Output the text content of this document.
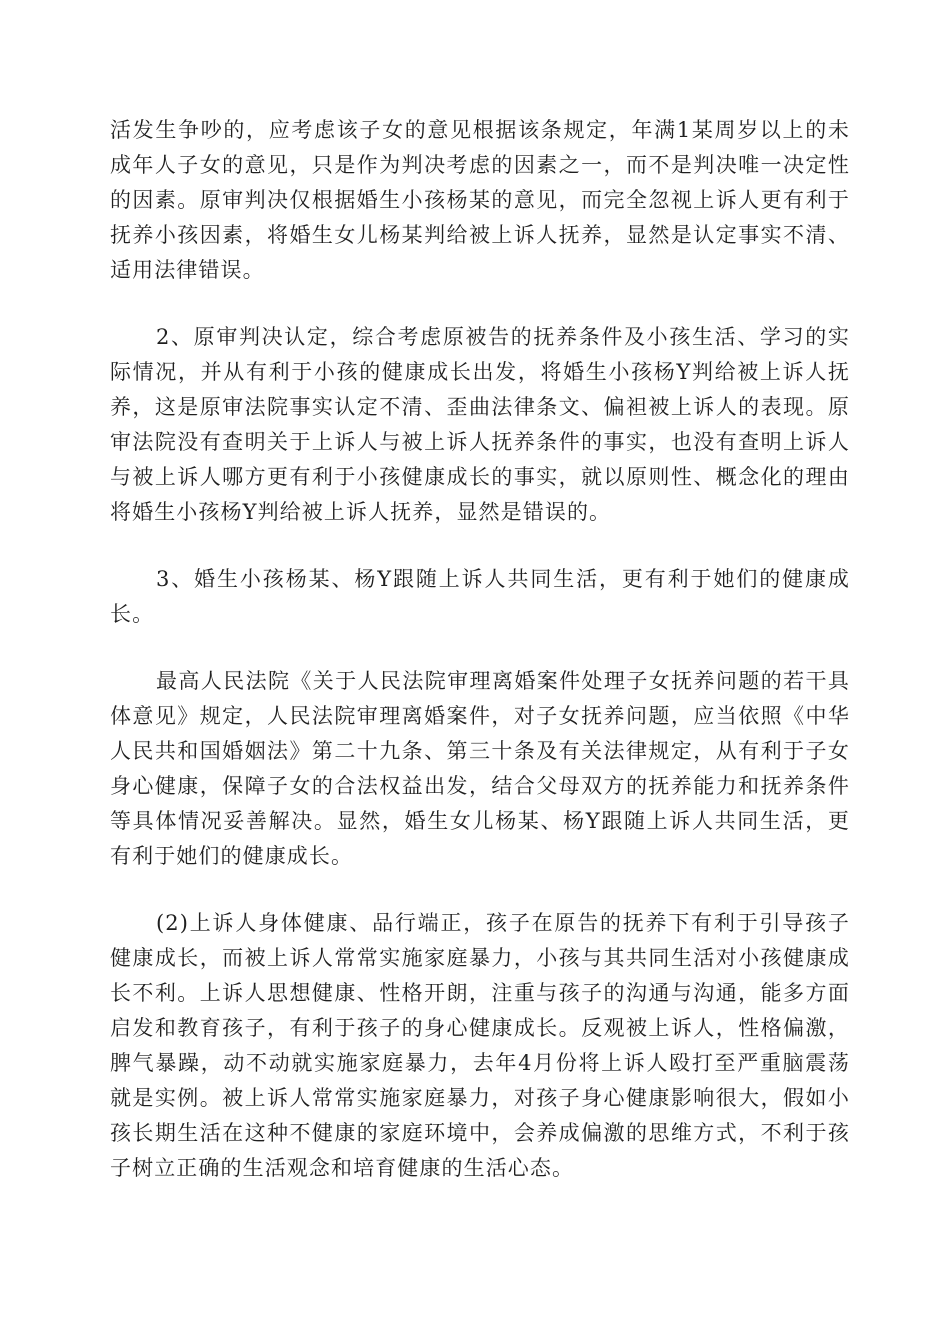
活发生争吵的，应考虑该子女的意见根据该条规定，年满1某周岁以上的未成年人子女的意见，只是作为判决考虑的因素之一，而不是判决唯一决定性的因素。原审判决仅根据婚生小孩杨某的意见，而完全忽视上诉人更有利于抚养小孩因素，将婚生女儿杨某判给被上诉人抚养，显然是认定事实不清、适用法律错误。

2、原审判决认定，综合考虑原被告的抚养条件及小孩生活、学习的实际情况，并从有利于小孩的健康成长出发，将婚生小孩杨Y判给被上诉人抚养，这是原审法院事实认定不清、歪曲法律条文、偏袒被上诉人的表现。原审法院没有查明关于上诉人与被上诉人抚养条件的事实，也没有查明上诉人与被上诉人哪方更有利于小孩健康成长的事实，就以原则性、概念化的理由将婚生小孩杨Y判给被上诉人抚养，显然是错误的。

3、婚生小孩杨某、杨Y跟随上诉人共同生活，更有利于她们的健康成长。

最高人民法院《关于人民法院审理离婚案件处理子女抚养问题的若干具体意见》规定，人民法院审理离婚案件，对子女抚养问题，应当依照《中华人民共和国婚姻法》第二十九条、第三十条及有关法律规定，从有利于子女身心健康，保障子女的合法权益出发，结合父母双方的抚养能力和抚养条件等具体情况妥善解决。显然，婚生女儿杨某、杨Y跟随上诉人共同生活，更有利于她们的健康成长。

(2)上诉人身体健康、品行端正，孩子在原告的抚养下有利于引导孩子健康成长，而被上诉人常常实施家庭暴力，小孩与其共同生活对小孩健康成长不利。上诉人思想健康、性格开朗，注重与孩子的沟通与沟通，能多方面启发和教育孩子，有利于孩子的身心健康成长。反观被上诉人，性格偏激，脾气暴躁，动不动就实施家庭暴力，去年4月份将上诉人殴打至严重脑震荡就是实例。被上诉人常常实施家庭暴力，对孩子身心健康影响很大，假如小孩长期生活在这种不健康的家庭环境中，会养成偏激的思维方式，不利于孩子树立正确的生活观念和培育健康的生活心态。
